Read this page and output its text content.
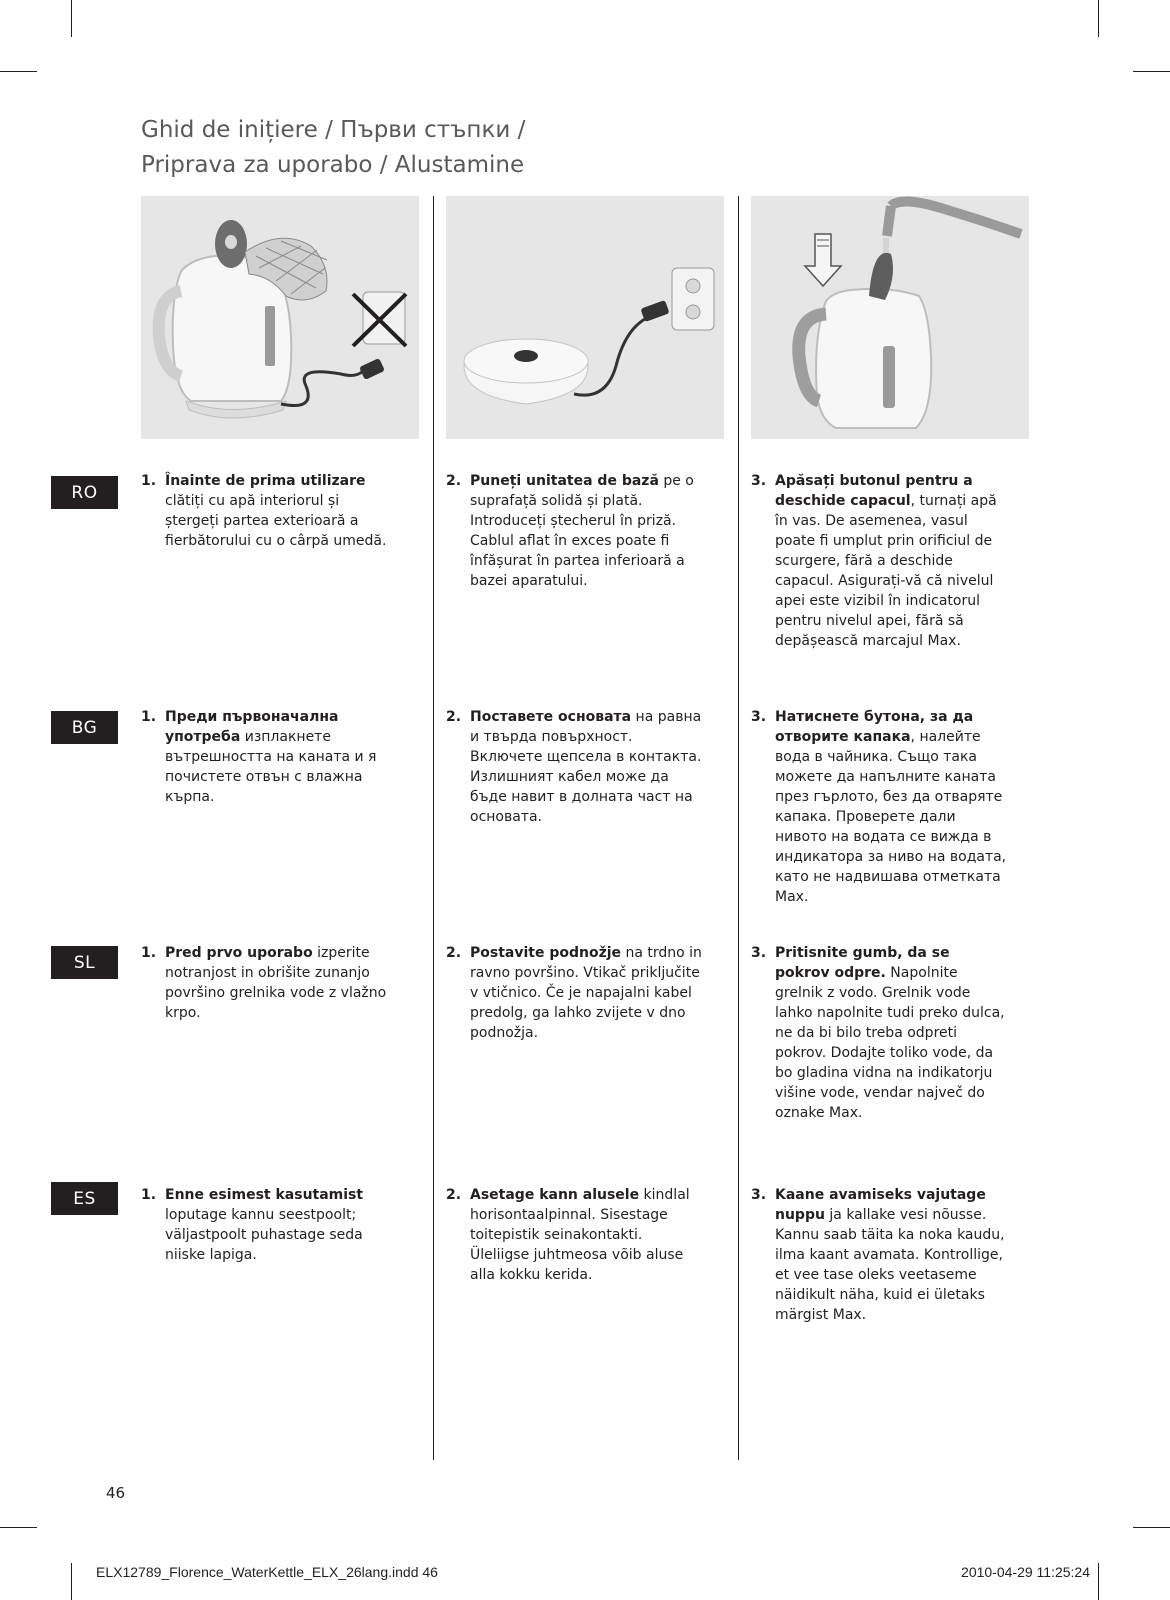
Ghid de inițiere / Първи стъпки /
Priprava za uporabo / Alustamine
RO
1. Înainte de prima utilizare clătiți cu apă interiorul și ștergeți partea exterioară a fierbătorului cu o cârpă umedă.
2. Puneți unitatea de bază pe o suprafață solidă și plată. Introduceți ștecherul în priză. Cablul aflat în exces poate fi înfășurat în partea inferioară a bazei aparatului.
3. Apăsați butonul pentru a deschide capacul, turnați apă în vas. De asemenea, vasul poate fi umplut prin orificiul de scurgere, fără a deschide capacul. Asigurați-vă că nivelul apei este vizibil în indicatorul pentru nivelul apei, fără să depășească marcajul Max.
BG
1. Преди първоначална употреба изплакнете вътрешността на каната и я почистете отвън с влажна кърпа.
2. Поставете основата на равна и твърда повърхност. Включете щепсела в контакта. Излишният кабел може да бъде навит в долната част на основата.
3. Натиснете бутона, за да отворите капака, налейте вода в чайника. Също така можете да напълните каната през гърлото, без да отваряте капака. Проверете дали нивото на водата се вижда в индикатора за ниво на водата, като не надвишава отметката Max.
SL	1. Pred prvo uporabo izperite notranjost in obrišite zunanjo površino grelnika vode z vlažno krpo.
2. Postavite podnožje na trdno in ravno površino. Vtikač priključite v vtičnico. Če je napajalni kabel predolg, ga lahko zvijete v dno podnožja.
3. Pritisnite gumb, da se pokrov odpre. Napolnite grelnik z vodo. Grelnik vode lahko napolnite tudi preko dulca, ne da bi bilo treba odpreti pokrov. Dodajte toliko vode, da bo gladina vidna na indikatorju višine vode, vendar največ do oznake Max.
ES	1. Enne esimest kasutamist loputage kannu seestpoolt; väljastpoolt puhastage seda niiske lapiga.
2. Asetage kann alusele kindlal horisontaalpinnal. Sisestage toitepistik seinakontakti. Üleliigse juhtmeosa võib aluse alla kokku kerida.
3. Kaane avamiseks vajutage nuppu ja kallake vesi nõusse. Kannu saab täita ka noka kaudu, ilma kaant avamata. Kontrollige, et vee tase oleks veetaseme näidikult näha, kuid ei ületaks märgist Max.
46
ELX12789_Florence_WaterKettle_ELX_26lang.indd 46	2010-04-29 11:25:24
